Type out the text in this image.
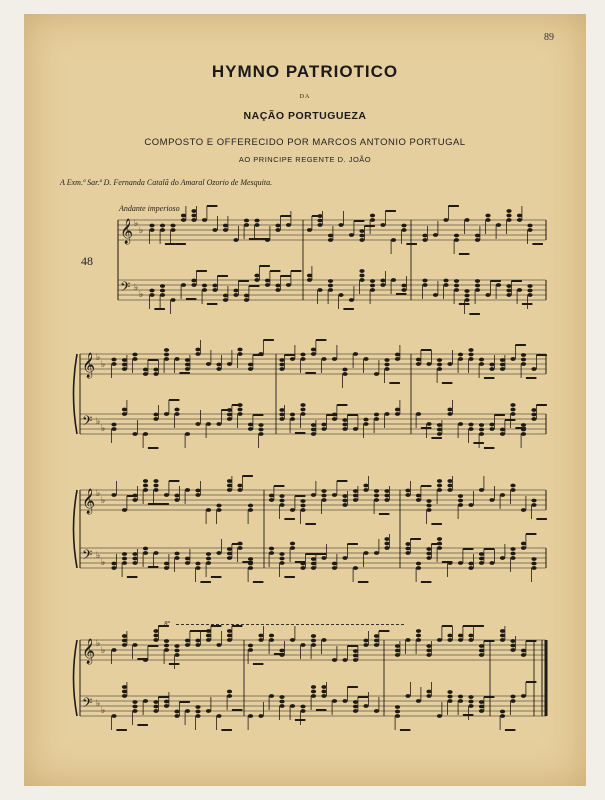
89
HYMNO PATRIOTICO
DA
NAÇÃO PORTUGUEZA
COMPOSTO E OFFERECIDO POR MARCOS ANTONIO PORTUGAL
AO PRINCIPE REGENTE D. JOÃO
A Exm.ª Sar.ª D. Fernanda Catalã do Amaral Ozorio de Mesquita.
Andante imperioso
48
8ª
𝄞 ♭
♭
𝄢 ♭
♭
𝄞 ♭
♭
𝄢 ♭
♭
𝄞 ♭
♭
𝄢 ♭
♭
𝄞 ♭
♭
𝄢 ♭
♭
